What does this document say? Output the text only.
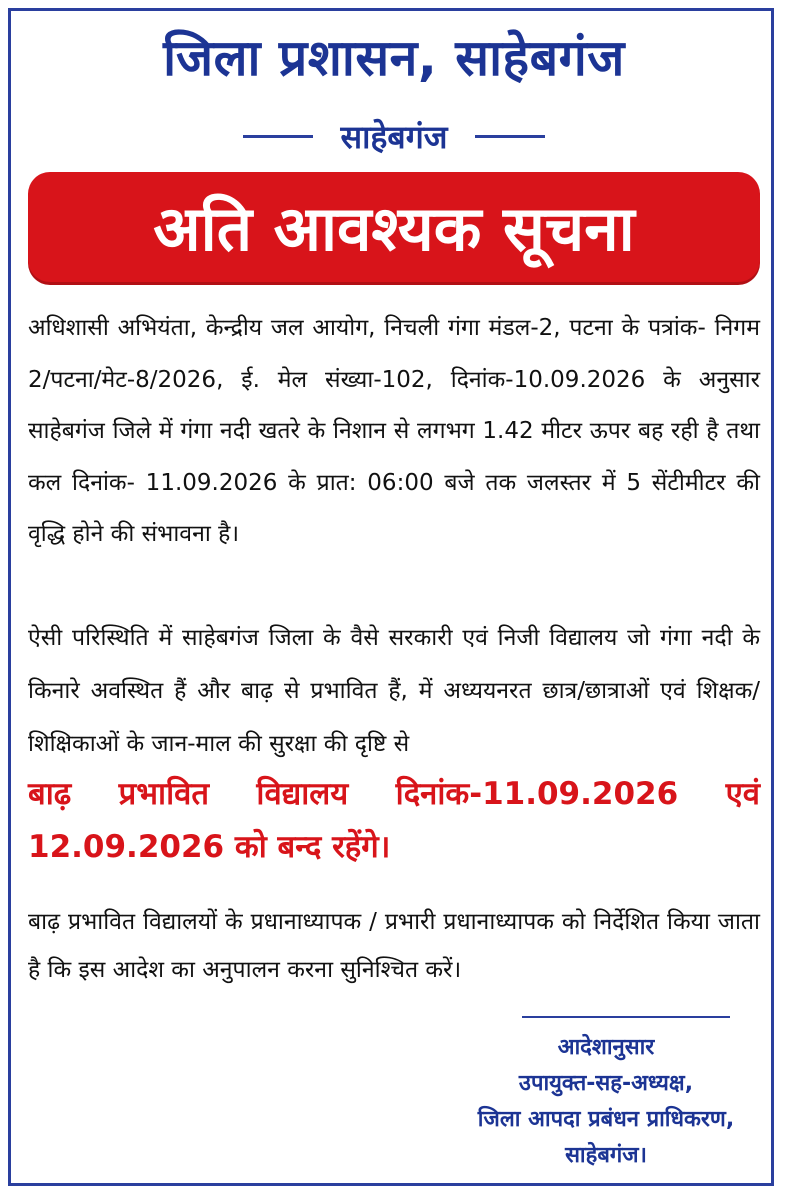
जिला प्रशासन, साहेबगंज
साहेबगंज
अति आवश्यक सूचना

अधिशासी अभियंता, केन्द्रीय जल आयोग, निचली गंगा मंडल-2, पटना के पत्रांक- निगम 2/पटना/मेट-8/2026, ई. मेल संख्या-102, दिनांक-10.09.2026 के अनुसार साहेबगंज जिले में गंगा नदी खतरे के निशान से लगभग 1.42 मीटर ऊपर बह रही है तथा कल दिनांक- 11.09.2026 के प्रात: 06:00 बजे तक जलस्तर में 5 सेंटीमीटर की वृद्धि होने की संभावना है।

ऐसी परिस्थिति में साहेबगंज जिला के वैसे सरकारी एवं निजी विद्यालय जो गंगा नदी के किनारे अवस्थित हैं और बाढ़ से प्रभावित हैं, में अध्ययनरत छात्र/छात्राओं एवं शिक्षक/शिक्षिकाओं के जान-माल की सुरक्षा की दृष्टि से

बाढ़ प्रभावित विद्यालय दिनांक-11.09.2026 एवं 12.09.2026 को बन्द रहेंगे।

बाढ़ प्रभावित विद्यालयों के प्रधानाध्यापक / प्रभारी प्रधानाध्यापक को निर्देशित किया जाता है कि इस आदेश का अनुपालन करना सुनिश्चित करें।

आदेशानुसार
उपायुक्त-सह-अध्यक्ष,
जिला आपदा प्रबंधन प्राधिकरण,
साहेबगंज।
